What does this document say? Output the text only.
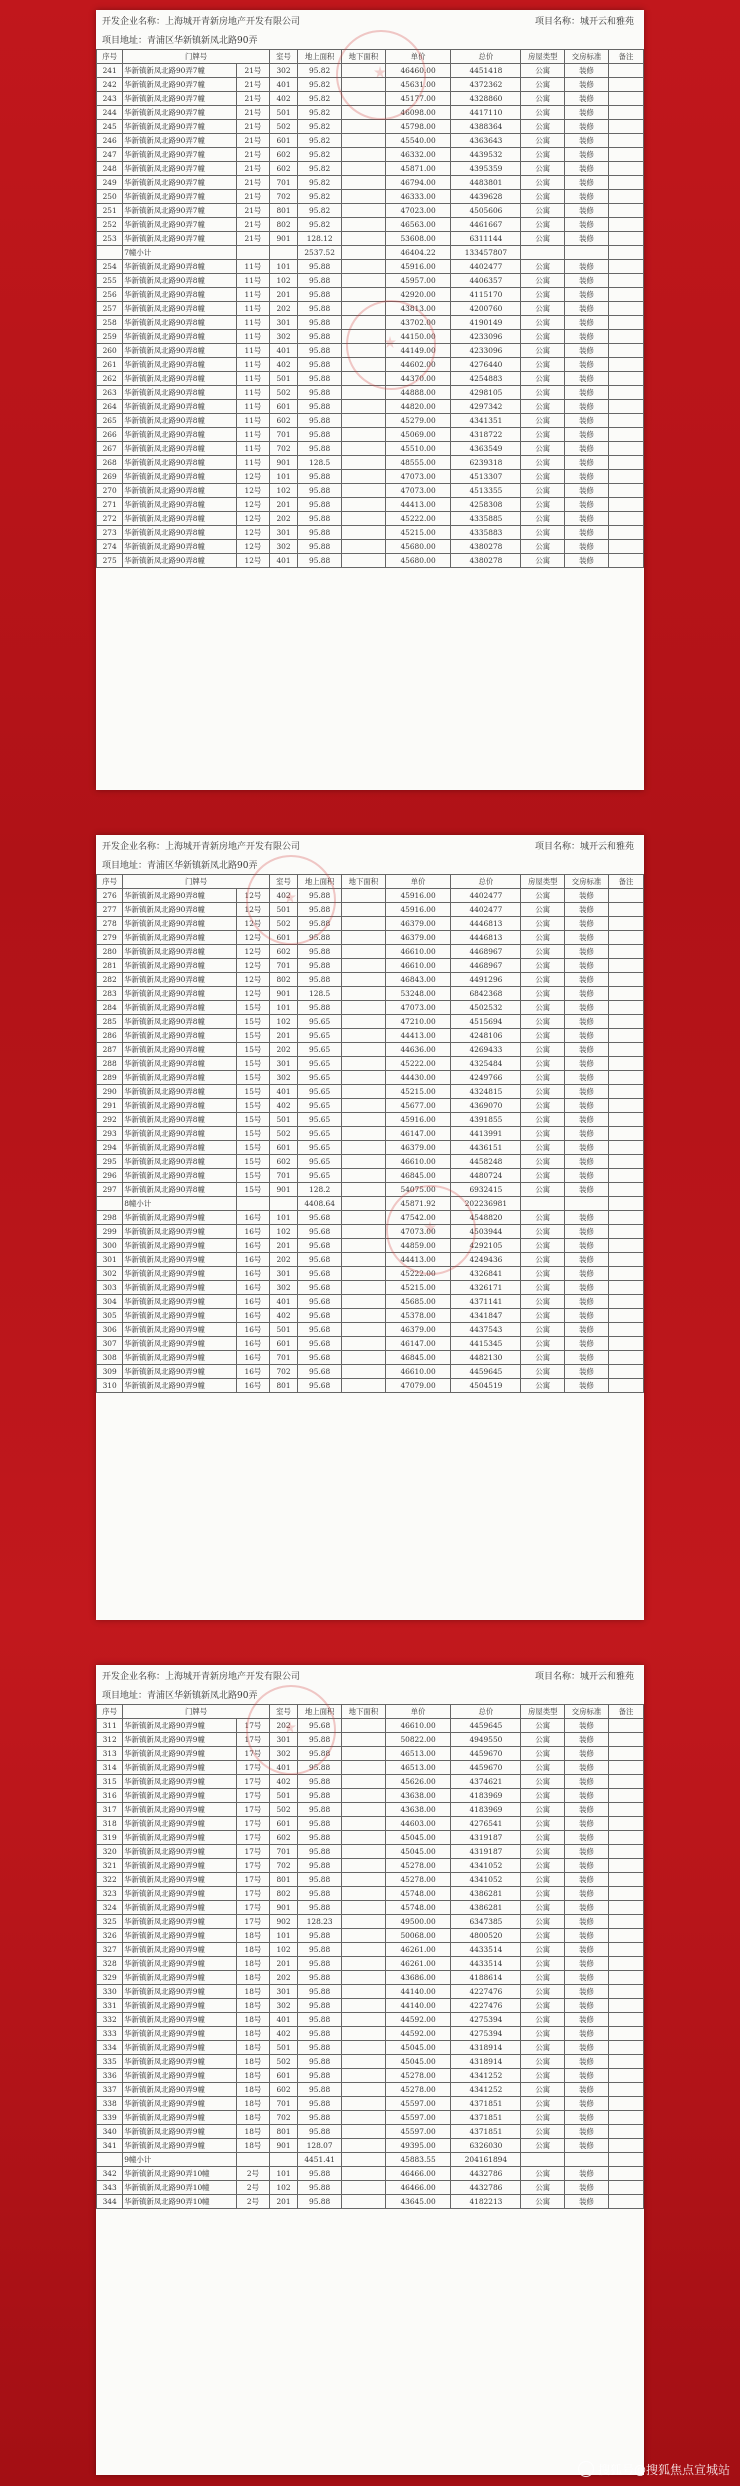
开发企业名称：上海城开青新房地产开发有限公司	项目名称：城开云和雅苑
项目地址：青浦区华新镇新凤北路90弄
序号	门牌号		室号	地上面积	地下面积	单价	总价	房屋类型	交房标准	备注
241	华新镇新凤北路90弄7幢	21号	302	95.82		46460.00	4451418	公寓	装修	
242	华新镇新凤北路90弄7幢	21号	401	95.82		45631.00	4372362	公寓	装修	
243	华新镇新凤北路90弄7幢	21号	402	95.82		45177.00	4328860	公寓	装修	
244	华新镇新凤北路90弄7幢	21号	501	95.82		46098.00	4417110	公寓	装修	
245	华新镇新凤北路90弄7幢	21号	502	95.82		45798.00	4388364	公寓	装修	
246	华新镇新凤北路90弄7幢	21号	601	95.82		45540.00	4363643	公寓	装修	
247	华新镇新凤北路90弄7幢	21号	602	95.82		46332.00	4439532	公寓	装修	
248	华新镇新凤北路90弄7幢	21号	602	95.82		45871.00	4395359	公寓	装修	
249	华新镇新凤北路90弄7幢	21号	701	95.82		46794.00	4483801	公寓	装修	
250	华新镇新凤北路90弄7幢	21号	702	95.82		46333.00	4439628	公寓	装修	
251	华新镇新凤北路90弄7幢	21号	801	95.82		47023.00	4505606	公寓	装修	
252	华新镇新凤北路90弄7幢	21号	802	95.82		46563.00	4461667	公寓	装修	
253	华新镇新凤北路90弄7幢	21号	901	128.12		53608.00	6311144	公寓	装修	
	7幢小计			2537.52		46404.22	133457807			
254	华新镇新凤北路90弄8幢	11号	101	95.88		45916.00	4402477	公寓	装修	
255	华新镇新凤北路90弄8幢	11号	102	95.88		45957.00	4406357	公寓	装修	
256	华新镇新凤北路90弄8幢	11号	201	95.88		42920.00	4115170	公寓	装修	
257	华新镇新凤北路90弄8幢	11号	202	95.88		43813.00	4200760	公寓	装修	
258	华新镇新凤北路90弄8幢	11号	301	95.88		43702.00	4190149	公寓	装修	
259	华新镇新凤北路90弄8幢	11号	302	95.88		44150.00	4233096	公寓	装修	
260	华新镇新凤北路90弄8幢	11号	401	95.88		44149.00	4233096	公寓	装修	
261	华新镇新凤北路90弄8幢	11号	402	95.88		44602.00	4276440	公寓	装修	
262	华新镇新凤北路90弄8幢	11号	501	95.88		44370.00	4254883	公寓	装修	
263	华新镇新凤北路90弄8幢	11号	502	95.88		44888.00	4298105	公寓	装修	
264	华新镇新凤北路90弄8幢	11号	601	95.88		44820.00	4297342	公寓	装修	
265	华新镇新凤北路90弄8幢	11号	602	95.88		45279.00	4341351	公寓	装修	
266	华新镇新凤北路90弄8幢	11号	701	95.88		45069.00	4318722	公寓	装修	
267	华新镇新凤北路90弄8幢	11号	702	95.88		45510.00	4363549	公寓	装修	
268	华新镇新凤北路90弄8幢	11号	901	128.5		48555.00	6239318	公寓	装修	
269	华新镇新凤北路90弄8幢	12号	101	95.88		47073.00	4513307	公寓	装修	
270	华新镇新凤北路90弄8幢	12号	102	95.88		47073.00	4513355	公寓	装修	
271	华新镇新凤北路90弄8幢	12号	201	95.88		44413.00	4258308	公寓	装修	
272	华新镇新凤北路90弄8幢	12号	202	95.88		45222.00	4335885	公寓	装修	
273	华新镇新凤北路90弄8幢	12号	301	95.88		45215.00	4335883	公寓	装修	
274	华新镇新凤北路90弄8幢	12号	302	95.88		45680.00	4380278	公寓	装修	
275	华新镇新凤北路90弄8幢	12号	401	95.88		45680.00	4380278	公寓	装修	
开发企业名称：上海城开青新房地产开发有限公司	项目名称：城开云和雅苑
项目地址：青浦区华新镇新凤北路90弄
序号	门牌号		室号	地上面积	地下面积	单价	总价	房屋类型	交房标准	备注
276	华新镇新凤北路90弄8幢	12号	402	95.88		45916.00	4402477	公寓	装修	
277	华新镇新凤北路90弄8幢	12号	501	95.88		45916.00	4402477	公寓	装修	
278	华新镇新凤北路90弄8幢	12号	502	95.88		46379.00	4446813	公寓	装修	
279	华新镇新凤北路90弄8幢	12号	601	95.88		46379.00	4446813	公寓	装修	
280	华新镇新凤北路90弄8幢	12号	602	95.88		46610.00	4468967	公寓	装修	
281	华新镇新凤北路90弄8幢	12号	701	95.88		46610.00	4468967	公寓	装修	
282	华新镇新凤北路90弄8幢	12号	802	95.88		46843.00	4491296	公寓	装修	
283	华新镇新凤北路90弄8幢	12号	901	128.5		53248.00	6842368	公寓	装修	
284	华新镇新凤北路90弄8幢	15号	101	95.88		47073.00	4502532	公寓	装修	
285	华新镇新凤北路90弄8幢	15号	102	95.65		47210.00	4515694	公寓	装修	
286	华新镇新凤北路90弄8幢	15号	201	95.65		44413.00	4248106	公寓	装修	
287	华新镇新凤北路90弄8幢	15号	202	95.65		44636.00	4269433	公寓	装修	
288	华新镇新凤北路90弄8幢	15号	301	95.65		45222.00	4325484	公寓	装修	
289	华新镇新凤北路90弄8幢	15号	302	95.65		44430.00	4249766	公寓	装修	
290	华新镇新凤北路90弄8幢	15号	401	95.65		45215.00	4324815	公寓	装修	
291	华新镇新凤北路90弄8幢	15号	402	95.65		45677.00	4369070	公寓	装修	
292	华新镇新凤北路90弄8幢	15号	501	95.65		45916.00	4391855	公寓	装修	
293	华新镇新凤北路90弄8幢	15号	502	95.65		46147.00	4413991	公寓	装修	
294	华新镇新凤北路90弄8幢	15号	601	95.65		46379.00	4436151	公寓	装修	
295	华新镇新凤北路90弄8幢	15号	602	95.65		46610.00	4458248	公寓	装修	
296	华新镇新凤北路90弄8幢	15号	701	95.65		46845.00	4480724	公寓	装修	
297	华新镇新凤北路90弄8幢	15号	901	128.2		54075.00	6932415	公寓	装修	
	8幢小计			4408.64		45871.92	202236981			
298	华新镇新凤北路90弄9幢	16号	101	95.68		47542.00	4548820	公寓	装修	
299	华新镇新凤北路90弄9幢	16号	102	95.68		47073.00	4503944	公寓	装修	
300	华新镇新凤北路90弄9幢	16号	201	95.68		44859.00	4292105	公寓	装修	
301	华新镇新凤北路90弄9幢	16号	202	95.68		44413.00	4249436	公寓	装修	
302	华新镇新凤北路90弄9幢	16号	301	95.68		45222.00	4326841	公寓	装修	
303	华新镇新凤北路90弄9幢	16号	302	95.68		45215.00	4326171	公寓	装修	
304	华新镇新凤北路90弄9幢	16号	401	95.68		45685.00	4371141	公寓	装修	
305	华新镇新凤北路90弄9幢	16号	402	95.68		45378.00	4341847	公寓	装修	
306	华新镇新凤北路90弄9幢	16号	501	95.68		46379.00	4437543	公寓	装修	
307	华新镇新凤北路90弄9幢	16号	601	95.68		46147.00	4415345	公寓	装修	
308	华新镇新凤北路90弄9幢	16号	701	95.68		46845.00	4482130	公寓	装修	
309	华新镇新凤北路90弄9幢	16号	702	95.68		46610.00	4459645	公寓	装修	
310	华新镇新凤北路90弄9幢	16号	801	95.68		47079.00	4504519	公寓	装修	
开发企业名称：上海城开青新房地产开发有限公司	项目名称：城开云和雅苑
项目地址：青浦区华新镇新凤北路90弄
序号	门牌号		室号	地上面积	地下面积	单价	总价	房屋类型	交房标准	备注
311	华新镇新凤北路90弄9幢	17号	202	95.68		46610.00	4459645	公寓	装修	
312	华新镇新凤北路90弄9幢	17号	301	95.88		50822.00	4949550	公寓	装修	
313	华新镇新凤北路90弄9幢	17号	302	95.88		46513.00	4459670	公寓	装修	
314	华新镇新凤北路90弄9幢	17号	401	95.88		46513.00	4459670	公寓	装修	
315	华新镇新凤北路90弄9幢	17号	402	95.88		45626.00	4374621	公寓	装修	
316	华新镇新凤北路90弄9幢	17号	501	95.88		43638.00	4183969	公寓	装修	
317	华新镇新凤北路90弄9幢	17号	502	95.88		43638.00	4183969	公寓	装修	
318	华新镇新凤北路90弄9幢	17号	601	95.88		44603.00	4276541	公寓	装修	
319	华新镇新凤北路90弄9幢	17号	602	95.88		45045.00	4319187	公寓	装修	
320	华新镇新凤北路90弄9幢	17号	701	95.88		45045.00	4319187	公寓	装修	
321	华新镇新凤北路90弄9幢	17号	702	95.88		45278.00	4341052	公寓	装修	
322	华新镇新凤北路90弄9幢	17号	801	95.88		45278.00	4341052	公寓	装修	
323	华新镇新凤北路90弄9幢	17号	802	95.88		45748.00	4386281	公寓	装修	
324	华新镇新凤北路90弄9幢	17号	901	95.88		45748.00	4386281	公寓	装修	
325	华新镇新凤北路90弄9幢	17号	902	128.23		49500.00	6347385	公寓	装修	
326	华新镇新凤北路90弄9幢	18号	101	95.88		50068.00	4800520	公寓	装修	
327	华新镇新凤北路90弄9幢	18号	102	95.88		46261.00	4433514	公寓	装修	
328	华新镇新凤北路90弄9幢	18号	201	95.88		46261.00	4433514	公寓	装修	
329	华新镇新凤北路90弄9幢	18号	202	95.88		43686.00	4188614	公寓	装修	
330	华新镇新凤北路90弄9幢	18号	301	95.88		44140.00	4227476	公寓	装修	
331	华新镇新凤北路90弄9幢	18号	302	95.88		44140.00	4227476	公寓	装修	
332	华新镇新凤北路90弄9幢	18号	401	95.88		44592.00	4275394	公寓	装修	
333	华新镇新凤北路90弄9幢	18号	402	95.88		44592.00	4275394	公寓	装修	
334	华新镇新凤北路90弄9幢	18号	501	95.88		45045.00	4318914	公寓	装修	
335	华新镇新凤北路90弄9幢	18号	502	95.88		45045.00	4318914	公寓	装修	
336	华新镇新凤北路90弄9幢	18号	601	95.88		45278.00	4341252	公寓	装修	
337	华新镇新凤北路90弄9幢	18号	602	95.88		45278.00	4341252	公寓	装修	
338	华新镇新凤北路90弄9幢	18号	701	95.88		45597.00	4371851	公寓	装修	
339	华新镇新凤北路90弄9幢	18号	702	95.88		45597.00	4371851	公寓	装修	
340	华新镇新凤北路90弄9幢	18号	801	95.88		45597.00	4371851	公寓	装修	
341	华新镇新凤北路90弄9幢	18号	901	128.07		49395.00	6326030	公寓	装修	
	9幢小计			4451.41		45883.55	204161894			
342	华新镇新凤北路90弄10幢	2号	101	95.88		46466.00	4432786	公寓	装修	
343	华新镇新凤北路90弄10幢	2号	102	95.88		46466.00	4432786	公寓	装修	
344	华新镇新凤北路90弄10幢	2号	201	95.88		43645.00	4182213	公寓	装修	
搜狐号@搜狐焦点宣城站
